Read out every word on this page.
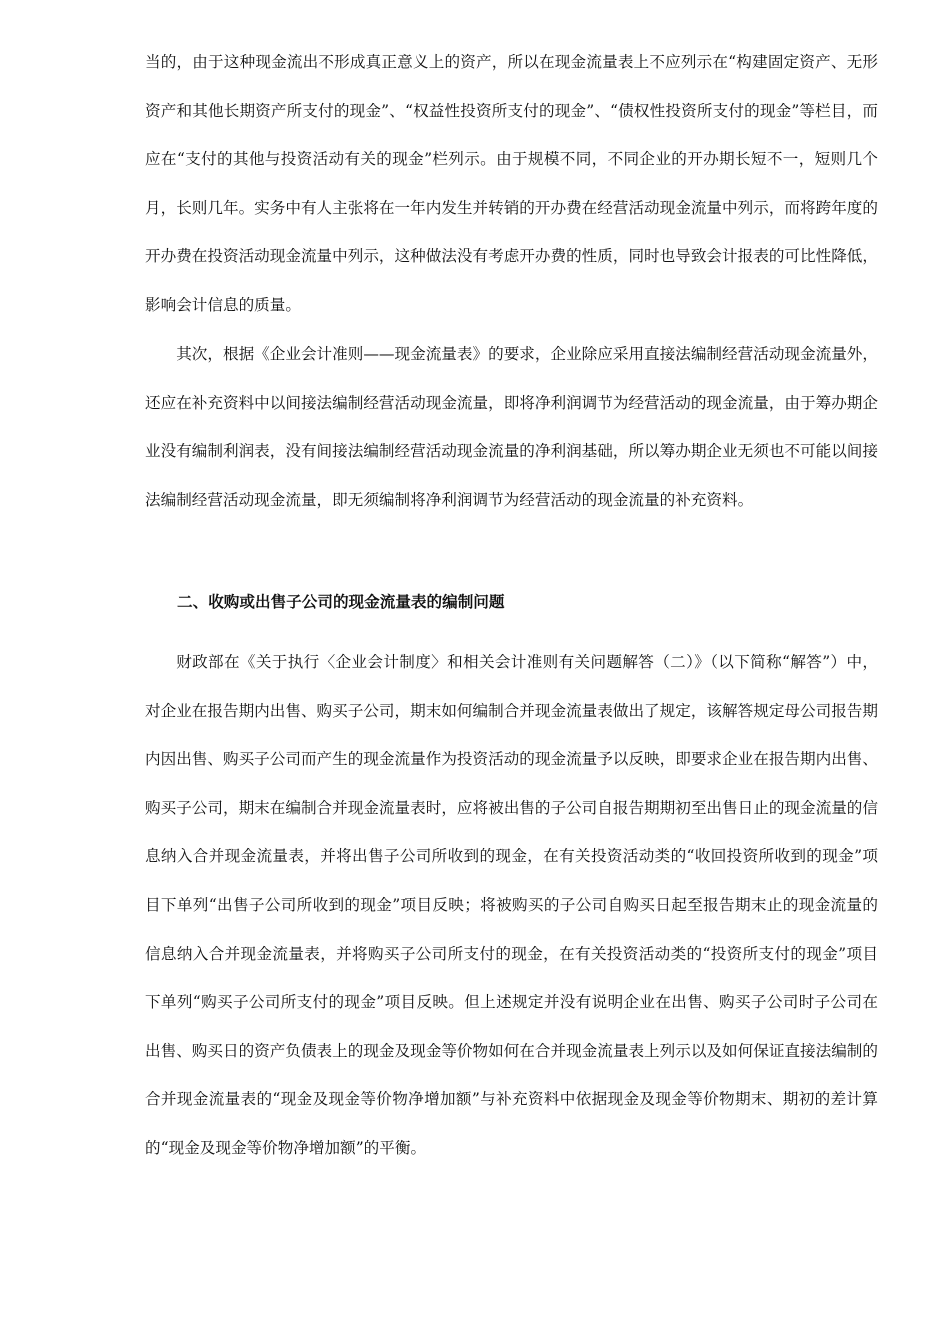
当的，由于这种现金流出不形成真正意义上的资产，所以在现金流量表上不应列示在“构建固定资产、无形资产和其他长期资产所支付的现金”、“权益性投资所支付的现金”、“债权性投资所支付的现金”等栏目，而应在“支付的其他与投资活动有关的现金”栏列示。由于规模不同，不同企业的开办期长短不一，短则几个月，长则几年。实务中有人主张将在一年内发生并转销的开办费在经营活动现金流量中列示，而将跨年度的开办费在投资活动现金流量中列示，这种做法没有考虑开办费的性质，同时也导致会计报表的可比性降低，影响会计信息的质量。

其次，根据《企业会计准则——现金流量表》的要求，企业除应采用直接法编制经营活动现金流量外，还应在补充资料中以间接法编制经营活动现金流量，即将净利润调节为经营活动的现金流量，由于筹办期企业没有编制利润表，没有间接法编制经营活动现金流量的净利润基础，所以筹办期企业无须也不可能以间接法编制经营活动现金流量，即无须编制将净利润调节为经营活动的现金流量的补充资料。

二、收购或出售子公司的现金流量表的编制问题

财政部在《关于执行〈企业会计制度〉和相关会计准则有关问题解答（二）》（以下简称“解答”）中，对企业在报告期内出售、购买子公司，期末如何编制合并现金流量表做出了规定，该解答规定母公司报告期内因出售、购买子公司而产生的现金流量作为投资活动的现金流量予以反映，即要求企业在报告期内出售、购买子公司，期末在编制合并现金流量表时，应将被出售的子公司自报告期期初至出售日止的现金流量的信息纳入合并现金流量表，并将出售子公司所收到的现金，在有关投资活动类的“收回投资所收到的现金”项目下单列“出售子公司所收到的现金”项目反映；将被购买的子公司自购买日起至报告期末止的现金流量的信息纳入合并现金流量表，并将购买子公司所支付的现金，在有关投资活动类的“投资所支付的现金”项目下单列“购买子公司所支付的现金”项目反映。但上述规定并没有说明企业在出售、购买子公司时子公司在出售、购买日的资产负债表上的现金及现金等价物如何在合并现金流量表上列示以及如何保证直接法编制的合并现金流量表的“现金及现金等价物净增加额”与补充资料中依据现金及现金等价物期末、期初的差计算的“现金及现金等价物净增加额”的平衡。
